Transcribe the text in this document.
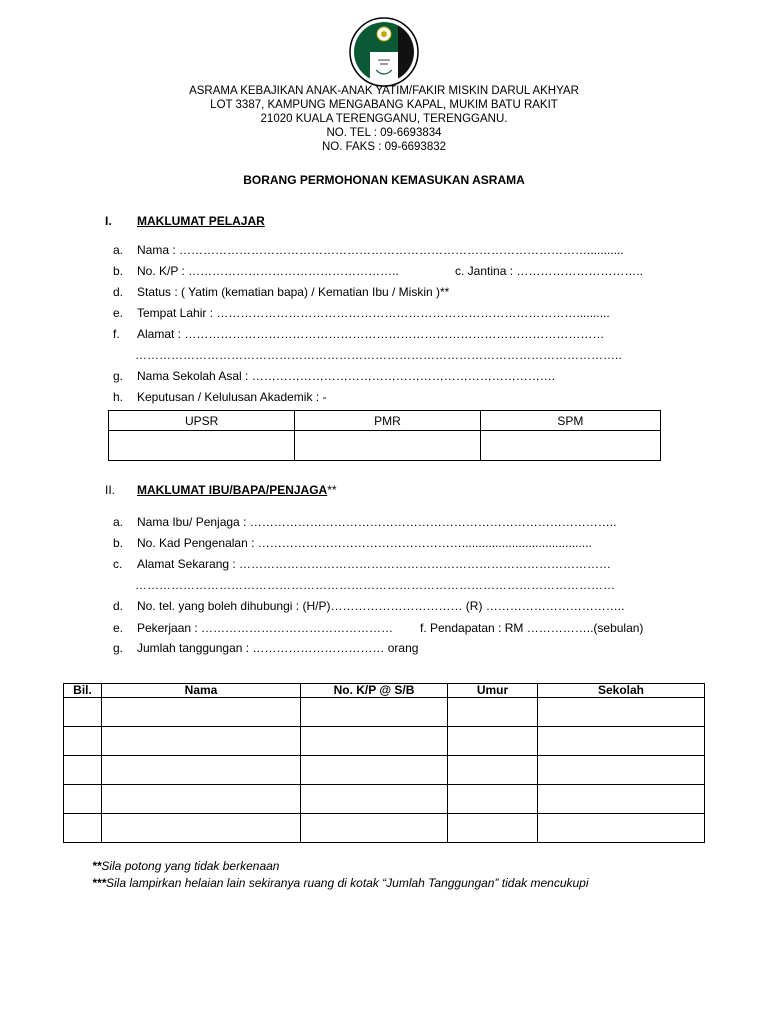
ASRAMA KEBAJIKAN ANAK-ANAK YATIM/FAKIR MISKIN DARUL AKHYAR
LOT 3387, KAMPUNG MENGABANG KAPAL, MUKIM BATU RAKIT
21020 KUALA TERENGGANU, TERENGGANU.
NO. TEL : 09-6693834
NO. FAKS : 09-6693832
BORANG PERMOHONAN KEMASUKAN ASRAMA
I. MAKLUMAT PELAJAR
a. Nama : …………………………………………………………………………………………...........
b. No. K/P : ……………………………………………..	c. Jantina : …………………………..
d. Status : ( Yatim (kematian bapa) / Kematian Ibu / Miskin )**
e. Tempat Lahir : ………………………………………………………………………………..........
f. Alamat : ……………………………………………………………………………………………
…………………………………………………………………………………………………………..
g. Nama Sekolah Asal : ………………………………………………………………….
h. Keputusan / Kelulusan Akademik : -
UPSR	PMR	SPM

II. MAKLUMAT IBU/BAPA/PENJAGA**
a. Nama Ibu/ Penjaga : ………………………………………………………………………………..
b. No. Kad Pengenalan : …………………………………………….......................................
c. Alamat Sekarang : …………………………………………………………………………………
…………………………………………………………………………………………………………
d. No. tel. yang boleh dihubungi : (H/P)…………………………… (R) ……………………………..
e. Pekerjaan : ………………………………………… f. Pendapatan : RM ……………..(sebulan)
g. Jumlah tanggungan : …………………………… orang
Bil.	Nama	No. K/P @ S/B	Umur	Sekolah

**Sila potong yang tidak berkenaan
***Sila lampirkan helaian lain sekiranya ruang di kotak “Jumlah Tanggungan” tidak mencukupi
